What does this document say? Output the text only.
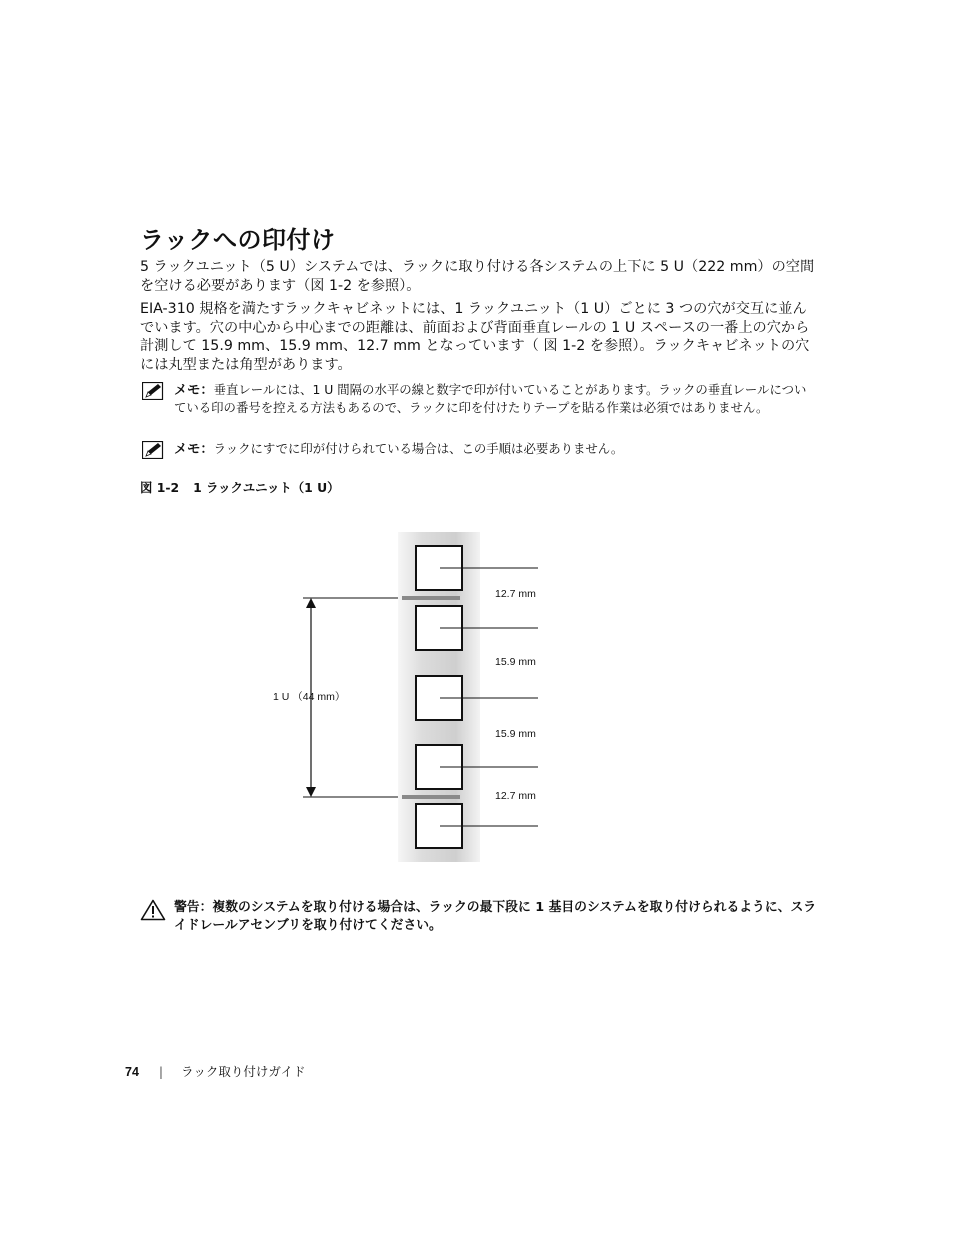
ラックへの印付け

5 ラックユニット（5 U）システムでは、ラックに取り付ける各システムの上下に 5 U（222 mm）の空間を空ける必要があります（図 1-2 を参照）。

EIA-310 規格を満たすラックキャビネットには、1 ラックユニット（1 U）ごとに 3 つの穴が交互に並んでいます。穴の中心から中心までの距離は、前面および背面垂直レールの 1 U スペースの一番上の穴から計測して 15.9 mm、15.9 mm、12.7 mm となっています（ 図 1-2 を参照）。ラックキャビネットの穴には丸型または角型があります。

メモ：垂直レールには、1 U 間隔の水平の線と数字で印が付いていることがあります。ラックの垂直レールについている印の番号を控える方法もあるので、ラックに印を付けたりテープを貼る作業は必須ではありません。
メモ：ラックにすでに印が付けられている場合は、この手順は必要ありません。
図 1-2 1 ラックユニット（1 U）
1 U （44 mm）
12.7 mm
15.9 mm
15.9 mm
12.7 mm
警告：複数のシステムを取り付ける場合は、ラックの最下段に 1 基目のシステムを取り付けられるように、スライドレールアセンブリを取り付けてください。
74 | ラック取り付けガイド
